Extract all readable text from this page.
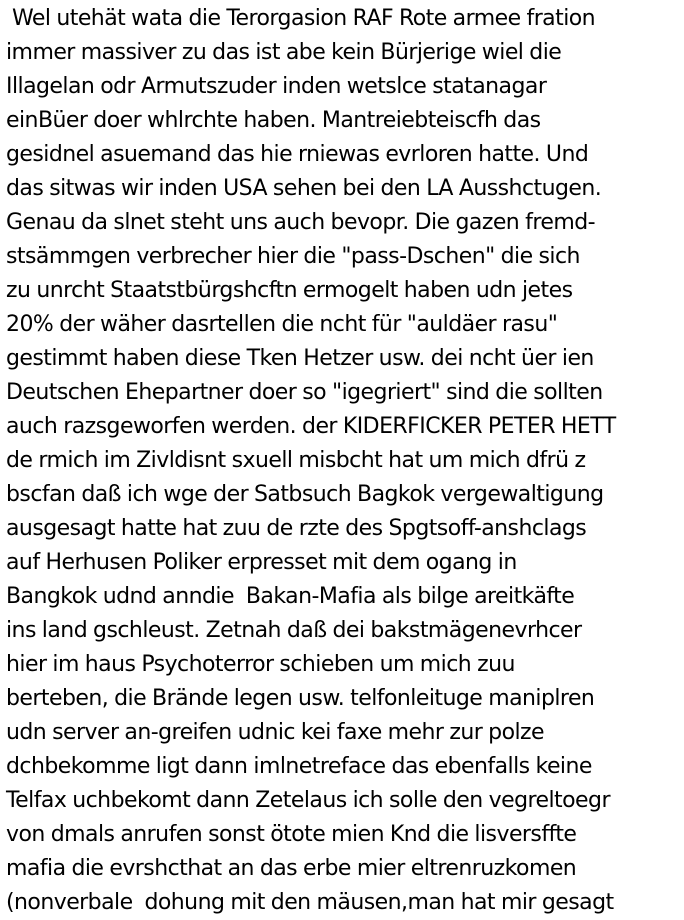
Wel utehät wata die Terorgasion RAF Rote armee fration
immer massiver zu das ist abe kein Bürjerige wiel die
Illagelan odr Armutszuder inden wetslce statanagar
einBüer doer whlrchte haben. Mantreiebteiscfh das
gesidnel asuemand das hie rniewas evrloren hatte. Und
das sitwas wir inden USA sehen bei den LA Ausshctugen.
Genau da slnet steht uns auch bevopr. Die gazen fremd-
stsämmgen verbrecher hier die "pass-Dschen" die sich
zu unrcht Staatstbürgshcftn ermogelt haben udn jetes
20% der wäher dasrtellen die ncht für "auldäer rasu"
gestimmt haben diese Tken Hetzer usw. dei ncht üer ien
Deutschen Ehepartner doer so "igegriert" sind die sollten
auch razsgeworfen werden. der KIDERFICKER PETER HETT
de rmich im Zivldisnt sxuell misbcht hat um mich dfrü z
bscfan daß ich wge der Satbsuch Bagkok vergewaltigung
ausgesagt hatte hat zuu de rzte des Spgtsoff-anshclags
auf Herhusen Poliker erpresset mit dem ogang in
Bangkok udnd anndie  Bakan-Mafia als bilge areitkäfte
ins land gschleust. Zetnah daß dei bakstmägenevrhcer
hier im haus Psychoterror schieben um mich zuu
berteben, die Brände legen usw. telfonleituge maniplren
udn server an-greifen udnic kei faxe mehr zur polze
dchbekomme ligt dann imlnetreface das ebenfalls keine
Telfax uchbekomt dann Zetelaus ich solle den vegreltoegr
von dmals anrufen sonst ötote mien Knd die lisversffte
mafia die evrshcthat an das erbe mier eltrenruzkomen
(nonverbale  dohung mit den mäusen,man hat mir gesagt
